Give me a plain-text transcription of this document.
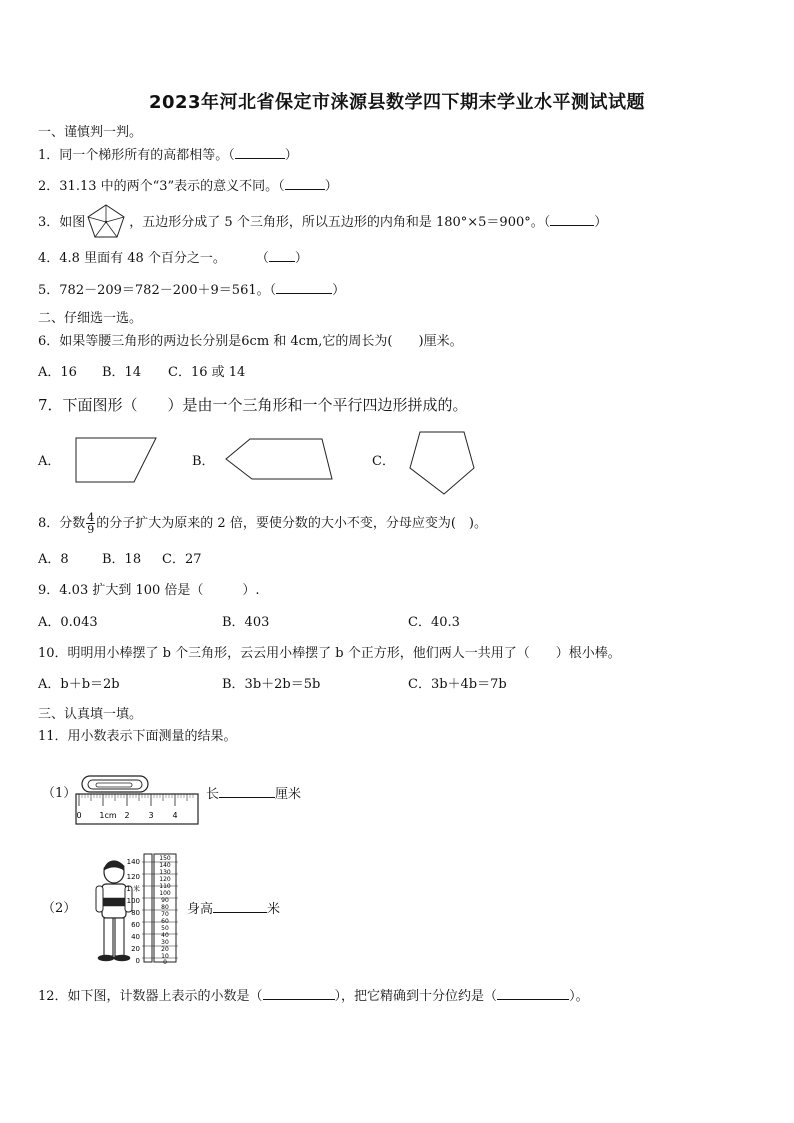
2023年河北省保定市涞源县数学四下期末学业水平测试试题
一、谨慎判一判。
1．同一个梯形所有的高都相等。（	）
2．31.13 中的两个“3”表示的意义不同。（	）
3．如图	，五边形分成了 5 个三角形，所以五边形的内角和是 180°×5＝900°。（	）
4．4.8 里面有 48 个百分之一。 （ ）
5．782－209＝782－200＋9＝561。（	）
二、仔细选一选。
6．如果等腰三角形的两边长分别是6cm 和 4cm,它的周长为(　　)厘米。
A．16 B．14 C．16 或 14
7．下面图形（　　）是由一个三角形和一个平行四边形拼成的。
A．	B．	C．
8．分数 $\frac{4}{9}$ 的分子扩大为原来的 2 倍，要使分数的大小不变，分母应变为(　)。
A．8	B．18 C．27
9．4.03 扩大到 100 倍是（　　　）.
A．0.043	B．403	C．40.3
10．明明用小棒摆了 b 个三角形，云云用小棒摆了 b 个正方形，他们两人一共用了（　　）根小棒。
A．b＋b＝2b	B．3b＋2b＝5b	C．3b＋4b＝7b
三、认真填一填。
11．用小数表示下面测量的结果。
（1）
0 1cm 2 3 4
长	厘米
（2）
140
120
1 米
100
80
60
40
20
0
150
140
130
120
110
100
90
80
70
60
50
40
30
20
10
0
身高	米
12．如下图，计数器上表示的小数是（	），把它精确到十分位约是（	）。
